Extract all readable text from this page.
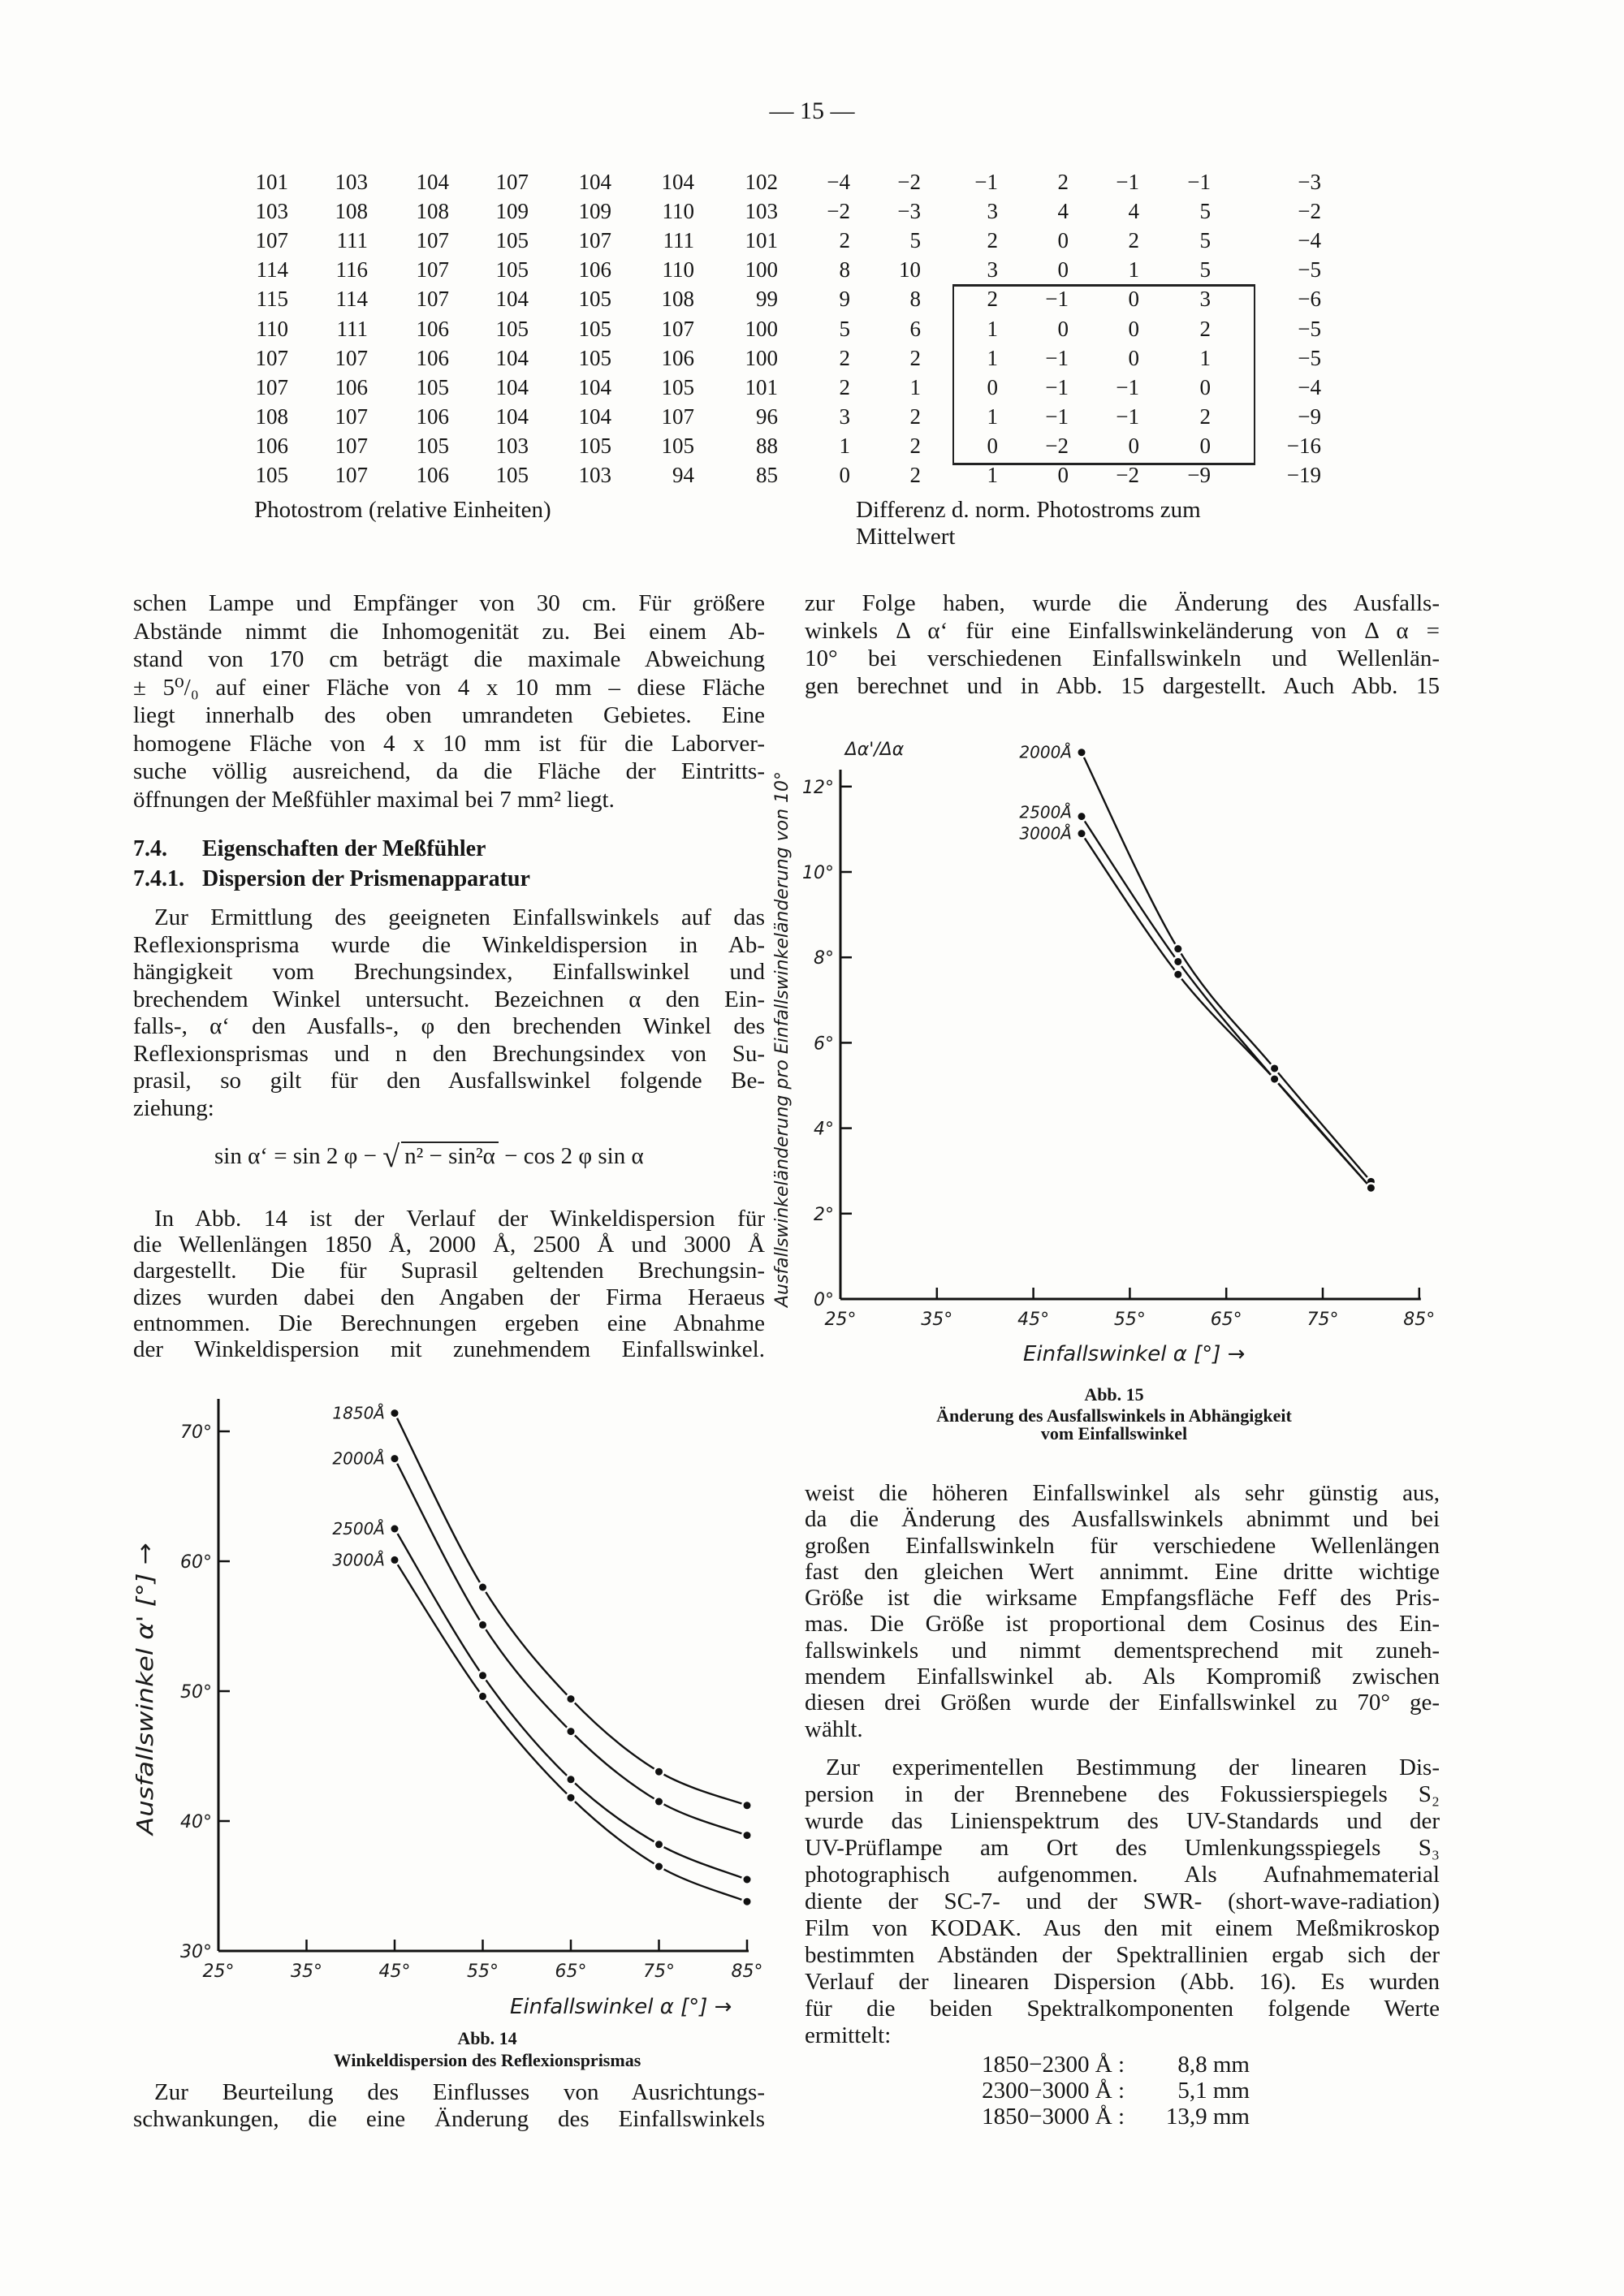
— 15 —
101	103	104	107	104	104	102
103	108	108	109	109	110	103
107	111	107	105	107	111	101
114	116	107	105	106	110	100
115	114	107	104	105	108	99
110	111	106	105	105	107	100
107	107	106	104	105	106	100
107	106	105	104	104	105	101
108	107	106	104	104	107	96
106	107	105	103	105	105	88
105	107	106	105	103	94	85
Photostrom (relative Einheiten)
−4	−2	−1	2	−1	−1	−3
−2	−3	3	4	4	5	−2
2	5	2	0	2	5	−4
8	10	3	0	1	5	−5
9	8	2	−1	0	3	−6
5	6	1	0	0	2	−5
2	2	1	−1	0	1	−5
2	1	0	−1	−1	0	−4
3	2	1	−1	−1	2	−9
1	2	0	−2	0	0	−16
0	2	1	0	−2	−9	−19
Differenz d. norm. Photostroms zum
Mittelwert
schen Lampe und Empfänger von 30 cm. Für größere
Abstände nimmt die Inhomogenität zu. Bei einem Ab-
stand von 170 cm beträgt die maximale Abweichung
± 5⁰/₀ auf einer Fläche von 4 x 10 mm – diese Fläche
liegt innerhalb des oben umrandeten Gebietes. Eine
homogene Fläche von 4 x 10 mm ist für die Laborver-
suche völlig ausreichend, da die Fläche der Eintritts-
öffnungen der Meßfühler maximal bei 7 mm² liegt.
7.4. Eigenschaften der Meßfühler
7.4.1. Dispersion der Prismenapparatur
Zur Ermittlung des geeigneten Einfallswinkels auf das
Reflexionsprisma wurde die Winkeldispersion in Ab-
hängigkeit vom Brechungsindex, Einfallswinkel und
brechendem Winkel untersucht. Bezeichnen α den Ein-
falls-, α‘ den Ausfalls-, φ den brechenden Winkel des
Reflexionsprismas und n den Brechungsindex von Su-
prasil, so gilt für den Ausfallswinkel folgende Be-
ziehung:
sin α‘ = sin 2 φ − √ n² − sin²α − cos 2 φ sin α
In Abb. 14 ist der Verlauf der Winkeldispersion für
die Wellenlängen 1850 Å, 2000 Å, 2500 Å und 3000 Å
dargestellt. Die für Suprasil geltenden Brechungsin-
dizes wurden dabei den Angaben der Firma Heraeus
entnommen. Die Berechnungen ergeben eine Abnahme
der Winkeldispersion mit zunehmendem Einfallswinkel.
25°	35°	45°	55°	65°	75°	85°
30°
40°
50°
60°
70°
Einfallswinkel α [°] →
Ausfallswinkel α' [°] →
1850Å
2000Å
2500Å
3000Å
Abb. 14
Winkeldispersion des Reflexionsprismas
Zur Beurteilung des Einflusses von Ausrichtungs-
schwankungen, die eine Änderung des Einfallswinkels
zur Folge haben, wurde die Änderung des Ausfalls-
winkels Δ α‘ für eine Einfallswinkeländerung von Δ α =
10° bei verschiedenen Einfallswinkeln und Wellenlän-
gen berechnet und in Abb. 15 dargestellt. Auch Abb. 15
25°	35°	45°	55°	65°	75°	85°
0°
2°
4°
6°
8°
10°
12°
Einfallswinkel α [°] →
Ausfallswinkeländerung pro Einfallswinkeländerung von 10°
Δα'/Δα	2000Å
2500Å
3000Å
Abb. 15
Änderung des Ausfallswinkels in Abhängigkeit
vom Einfallswinkel
weist die höheren Einfallswinkel als sehr günstig aus,
da die Änderung des Ausfallswinkels abnimmt und bei
großen Einfallswinkeln für verschiedene Wellenlängen
fast den gleichen Wert annimmt. Eine dritte wichtige
Größe ist die wirksame Empfangsfläche Feff des Pris-
mas. Die Größe ist proportional dem Cosinus des Ein-
fallswinkels und nimmt dementsprechend mit zuneh-
mendem Einfallswinkel ab. Als Kompromiß zwischen
diesen drei Größen wurde der Einfallswinkel zu 70° ge-
wählt.
Zur experimentellen Bestimmung der linearen Dis-
persion in der Brennebene des Fokussierspiegels S₂
wurde das Linienspektrum des UV-Standards und der
UV-Prüflampe am Ort des Umlenkungsspiegels S₃
photographisch aufgenommen. Als Aufnahmematerial
diente der SC-7- und der SWR- (short-wave-radiation)
Film von KODAK. Aus den mit einem Meßmikroskop
bestimmten Abständen der Spektrallinien ergab sich der
Verlauf der linearen Dispersion (Abb. 16). Es wurden
für die beiden Spektralkomponenten folgende Werte
ermittelt:
1850−2300 Å :	8,8 mm
2300−3000 Å :	5,1 mm
1850−3000 Å :	13,9 mm
